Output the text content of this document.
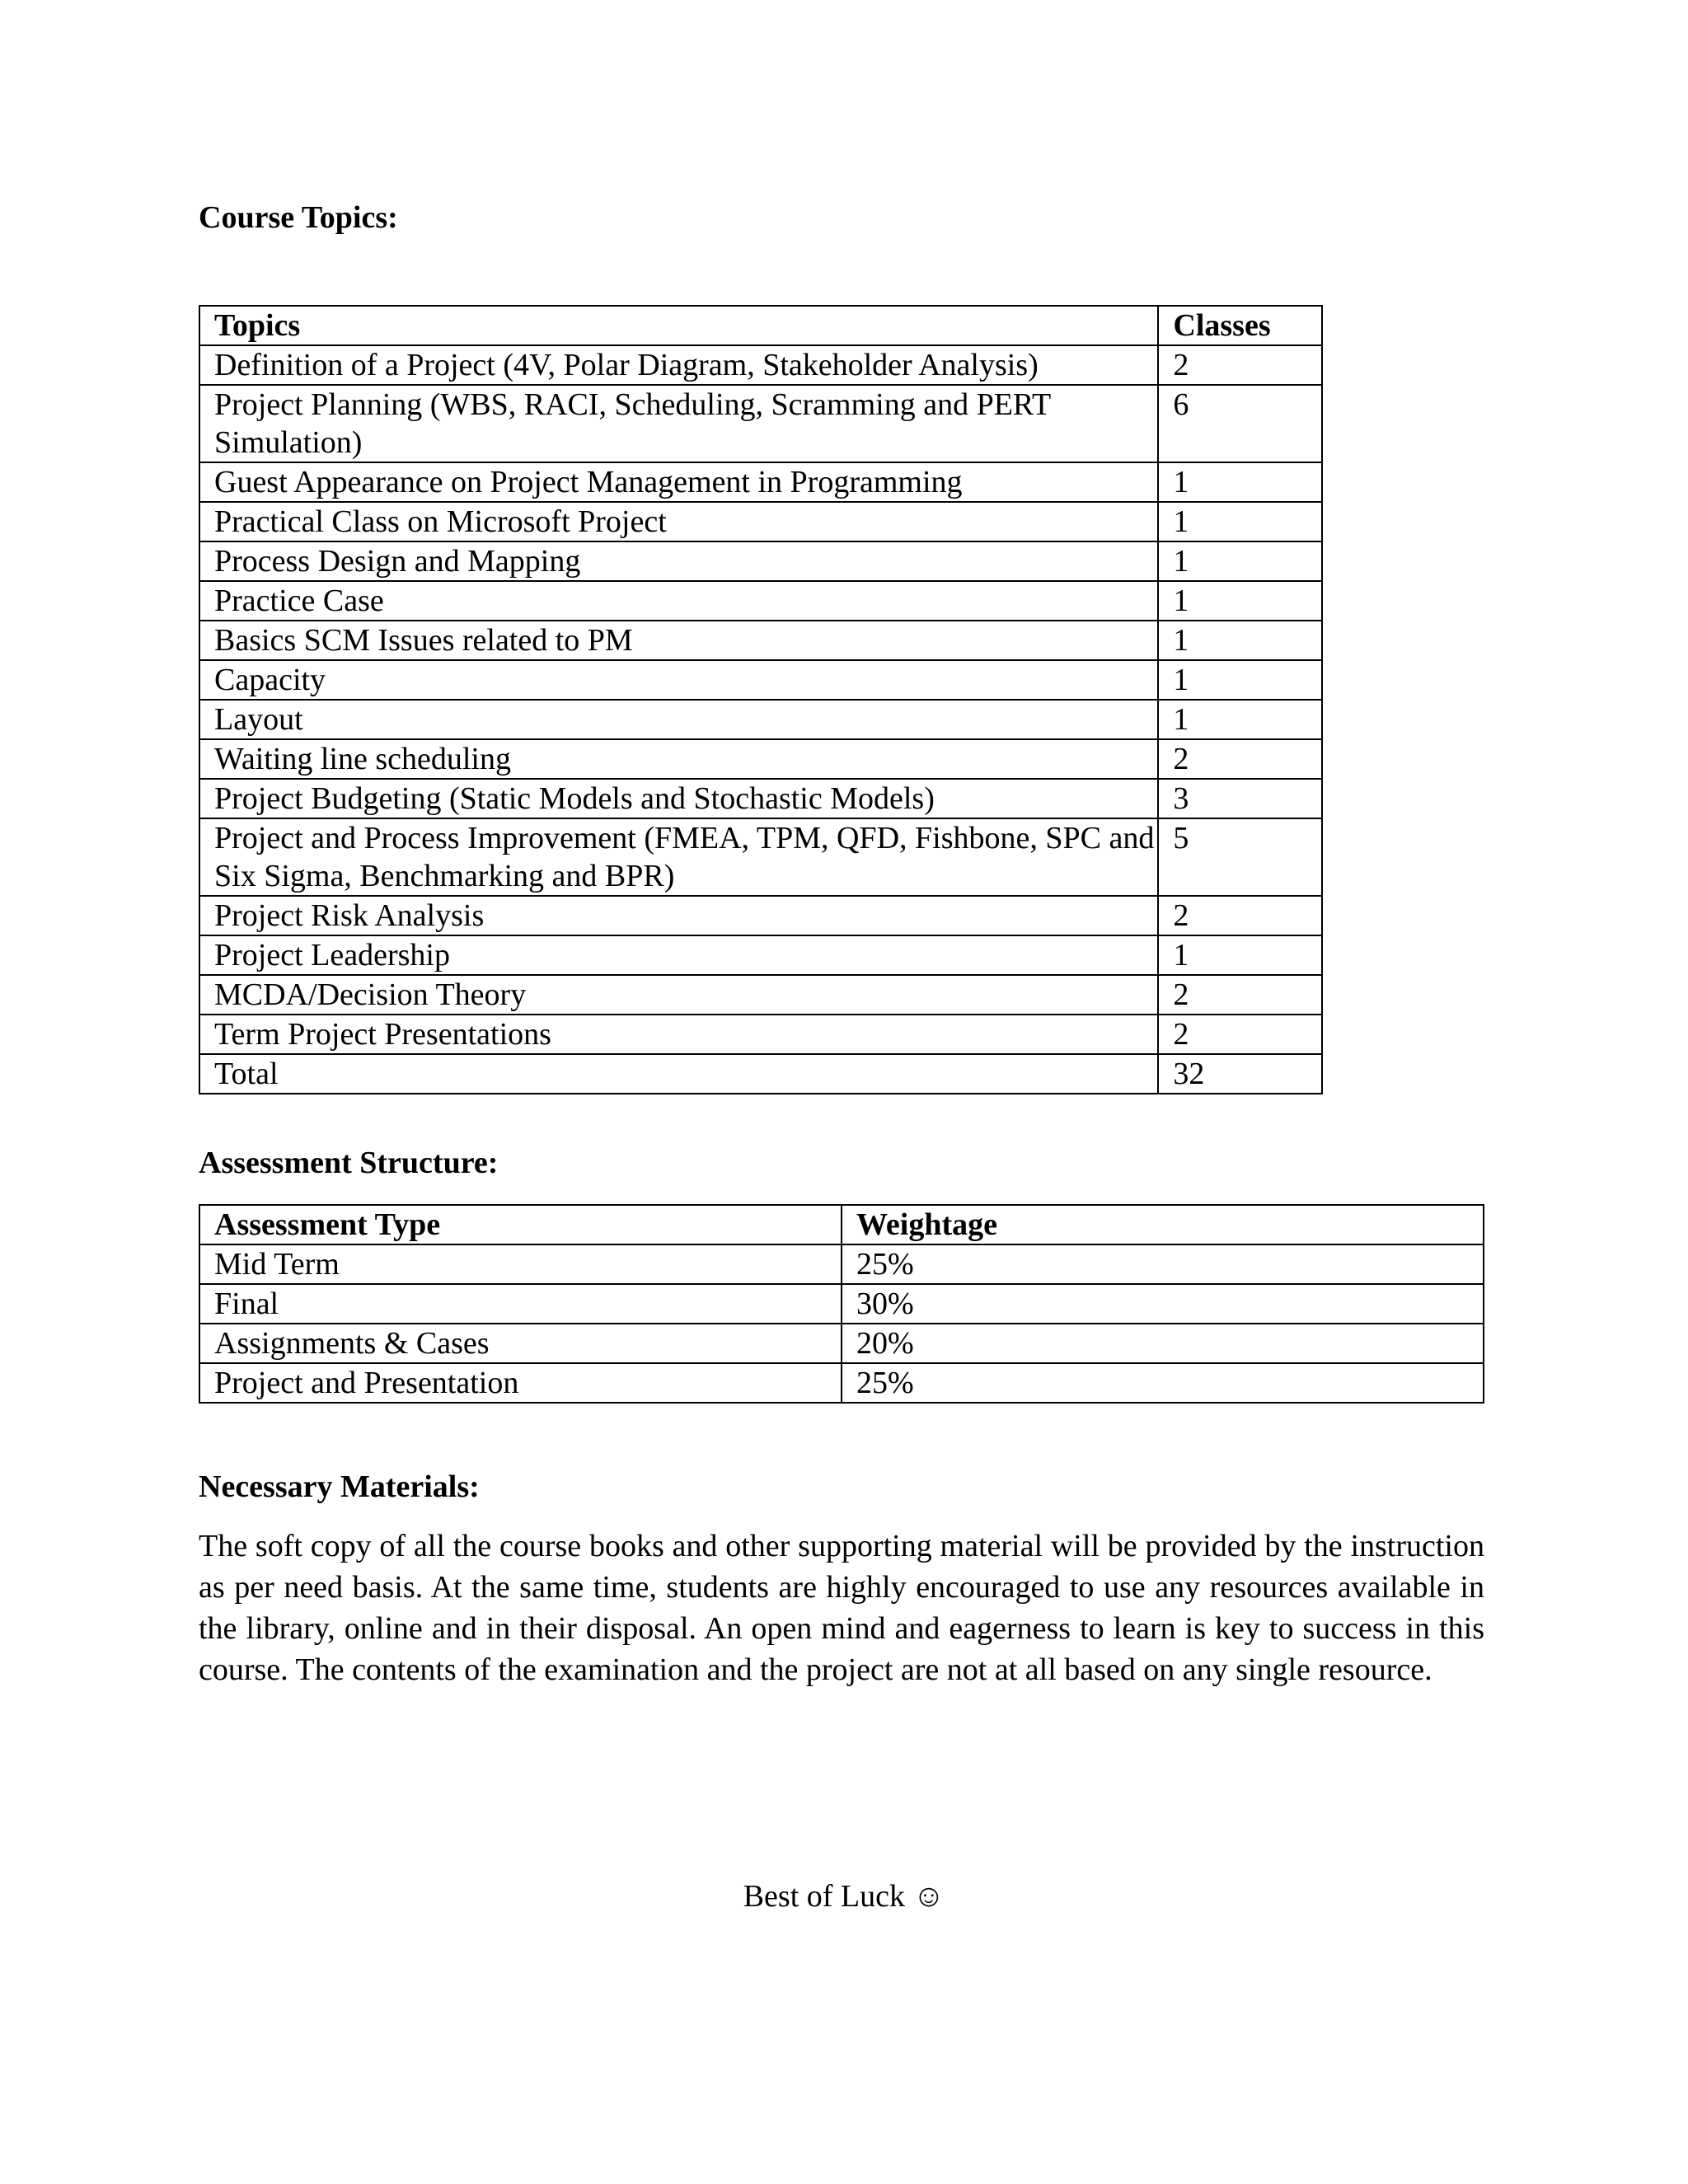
Course Topics:

Topics	Classes
Definition of a Project (4V, Polar Diagram, Stakeholder Analysis)	2
Project Planning (WBS, RACI, Scheduling, Scramming and PERT Simulation)	6
Guest Appearance on Project Management in Programming	1
Practical Class on Microsoft Project	1
Process Design and Mapping	1
Practice Case	1
Basics SCM Issues related to PM	1
Capacity	1
Layout	1
Waiting line scheduling	2
Project Budgeting (Static Models and Stochastic Models)	3
Project and Process Improvement (FMEA, TPM, QFD, Fishbone, SPC and Six Sigma, Benchmarking and BPR)	5
Project Risk Analysis	2
Project Leadership	1
MCDA/Decision Theory	2
Term Project Presentations	2
Total	32

Assessment Structure:

Assessment Type	Weightage
Mid Term	25%
Final	30%
Assignments & Cases	20%
Project and Presentation	25%

Necessary Materials:

The soft copy of all the course books and other supporting material will be provided by the instruction as per need basis. At the same time, students are highly encouraged to use any resources available in the library, online and in their disposal. An open mind and eagerness to learn is key to success in this course. The contents of the examination and the project are not at all based on any single resource.

Best of Luck ☺
